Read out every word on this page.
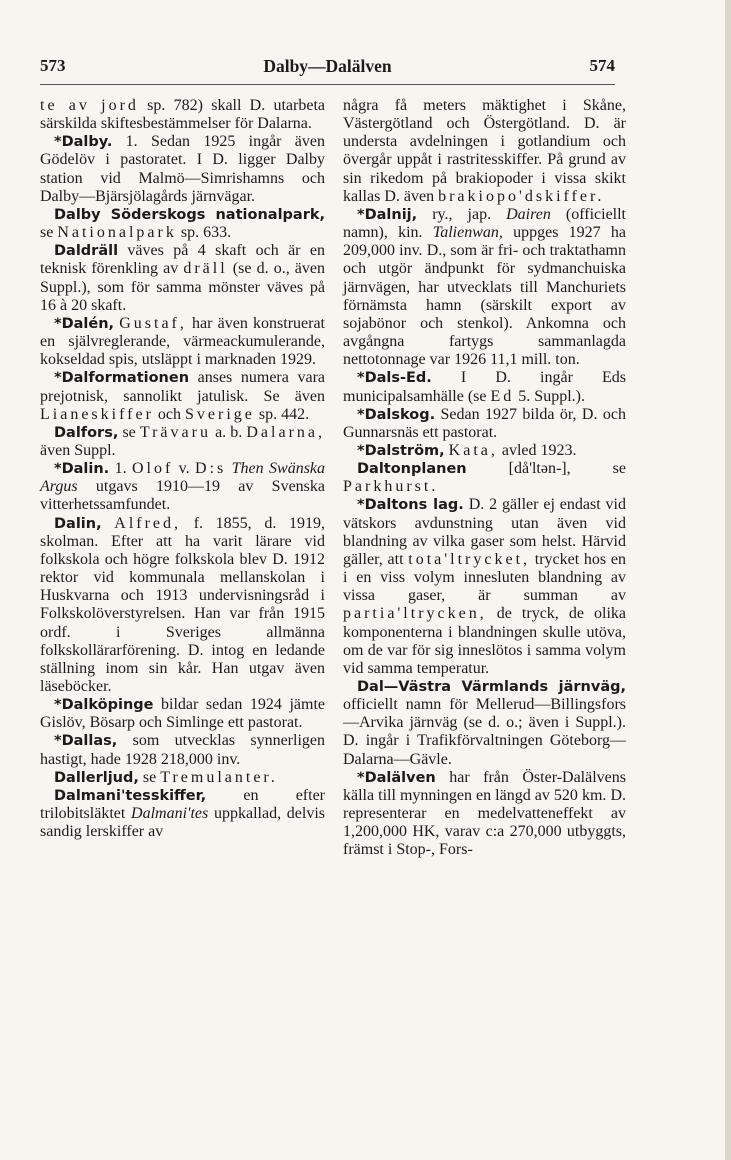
573	Dalby—Dalälven	574

te av jord sp. 782) skall D. utarbeta särskilda skiftesbestämmelser för Dalarna.

*Dalby. 1. Sedan 1925 ingår även Gödelöv i pastoratet. I D. ligger Dalby station vid Malmö—Simrishamns och Dalby—Bjärsjölagårds järnvägar.

Dalby Söderskogs nationalpark, se Nationalpark sp. 633.

Daldräll väves på 4 skaft och är en teknisk förenkling av dräll (se d. o., även Suppl.), som för samma mönster väves på 16 à 20 skaft.

*Dalén, Gustaf, har även konstruerat en självreglerande, värmeackumulerande, kokseldad spis, utsläppt i marknaden 1929.

*Dalformationen anses numera vara prejotnisk, sannolikt jatulisk. Se även Lianeskiffer och Sverige sp. 442.

Dalfors, se Trävaru a. b. Dalarna, även Suppl.

*Dalin. 1. Olof v. D:s Then Swänska Argus utgavs 1910—19 av Svenska vitterhetssamfundet.

Dalin, Alfred, f. 1855, d. 1919, skolman. Efter att ha varit lärare vid folkskola och högre folkskola blev D. 1912 rektor vid kommunala mellanskolan i Huskvarna och 1913 undervisningsråd i Folkskolöverstyrelsen. Han var från 1915 ordf. i Sveriges allmänna folkskollärarförening. D. intog en ledande ställning inom sin kår. Han utgav även läseböcker.

*Dalköpinge bildar sedan 1924 jämte Gislöv, Bösarp och Simlinge ett pastorat.

*Dallas, som utvecklas synnerligen hastigt, hade 1928 218,000 inv.

Dallerljud, se Tremulanter.

Dalmani'tesskiffer, en efter trilobitsläktet Dalmani'tes uppkallad, delvis sandig lerskiffer av

några få meters mäktighet i Skåne, Västergötland och Östergötland. D. är understa avdelningen i gotlandium och övergår uppåt i rastritesskiffer. På grund av sin rikedom på brakiopoder i vissa skikt kallas D. även brakiopo'dskiffer.

*Dalnij, ry., jap. Dairen (officiellt namn), kin. Talienwan, uppges 1927 ha 209,000 inv. D., som är fri- och traktathamn och utgör ändpunkt för sydmanchuiska järnvägen, har utvecklats till Manchuriets förnämsta hamn (särskilt export av sojabönor och stenkol). Ankomna och avgångna fartygs sammanlagda nettotonnage var 1926 11,1 mill. ton.

*Dals-Ed. I D. ingår Eds municipalsamhälle (se Ed 5. Suppl.).

*Dalskog. Sedan 1927 bilda ör, D. och Gunnarsnäs ett pastorat.

*Dalström, Kata, avled 1923.

Daltonplanen [då'ltən-], se Parkhurst.

*Daltons lag. D. 2 gäller ej endast vid vätskors avdunstning utan även vid blandning av vilka gaser som helst. Härvid gäller, att tota'ltrycket, trycket hos en i en viss volym innesluten blandning av vissa gaser, är summan av partia'ltrycken, de tryck, de olika komponenterna i blandningen skulle utöva, om de var för sig inneslötos i samma volym vid samma temperatur.

Dal—Västra Värmlands järnväg, officiellt namn för Mellerud—Billingsfors—Arvika järnväg (se d. o.; även i Suppl.). D. ingår i Trafikförvaltningen Göteborg—Dalarna—Gävle.

*Dalälven har från Öster-Dalälvens källa till mynningen en längd av 520 km. D. representerar en medelvatteneffekt av 1,200,000 HK, varav c:a 270,000 utbyggts, främst i Stop-, Fors-
